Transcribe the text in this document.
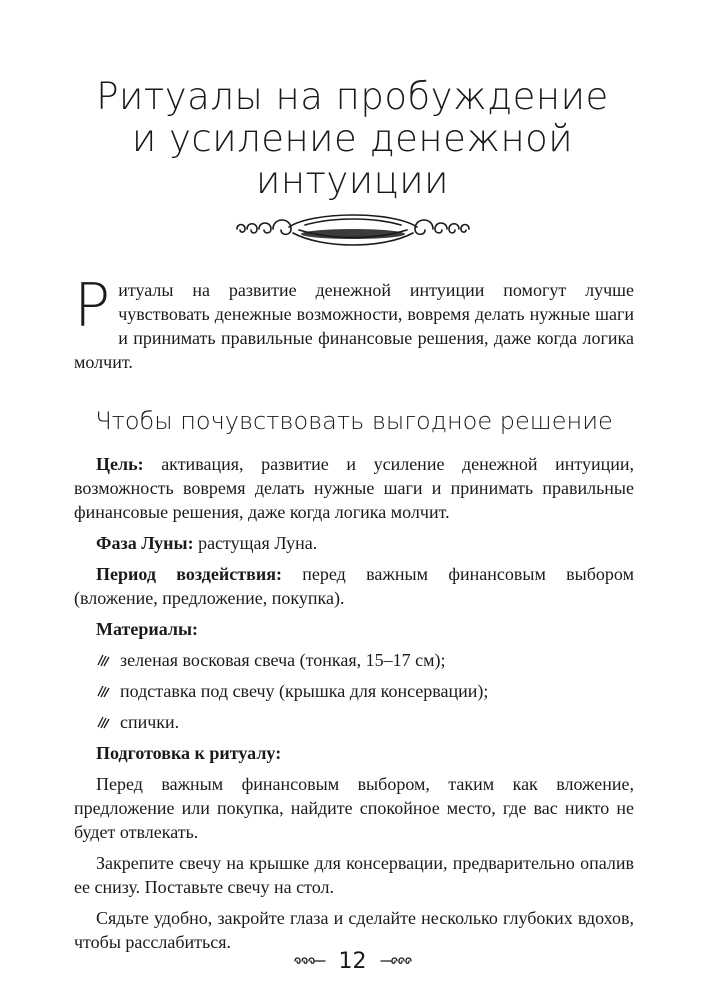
Ритуалы на пробуждение
и усиление денежной
интуиции
Ритуалы на развитие денежной интуиции помогут лучше чувствовать денежные возможности, вовремя делать нужные шаги и принимать правильные финансовые решения, даже когда логика молчит.
Чтобы почувствовать выгодное решение

Цель: активация, развитие и усиление денежной интуиции, возможность вовремя делать нужные шаги и принимать правильные финансовые решения, даже когда логика молчит.

Фаза Луны: растущая Луна.

Период воздействия: перед важным финансовым выбором (вложение, предложение, покупка).

Материалы:

зеленая восковая свеча (тонкая, 15–17 см);
подставка под свечу (крышка для консервации);
спички.

Подготовка к ритуалу:

Перед важным финансовым выбором, таким как вложение, предложение или покупка, найдите спокойное место, где вас никто не будет отвлекать.

Закрепите свечу на крышке для консервации, предварительно опалив ее снизу. Поставьте свечу на стол.

Сядьте удобно, закройте глаза и сделайте несколько глубоких вдохов, чтобы расслабиться.

12
